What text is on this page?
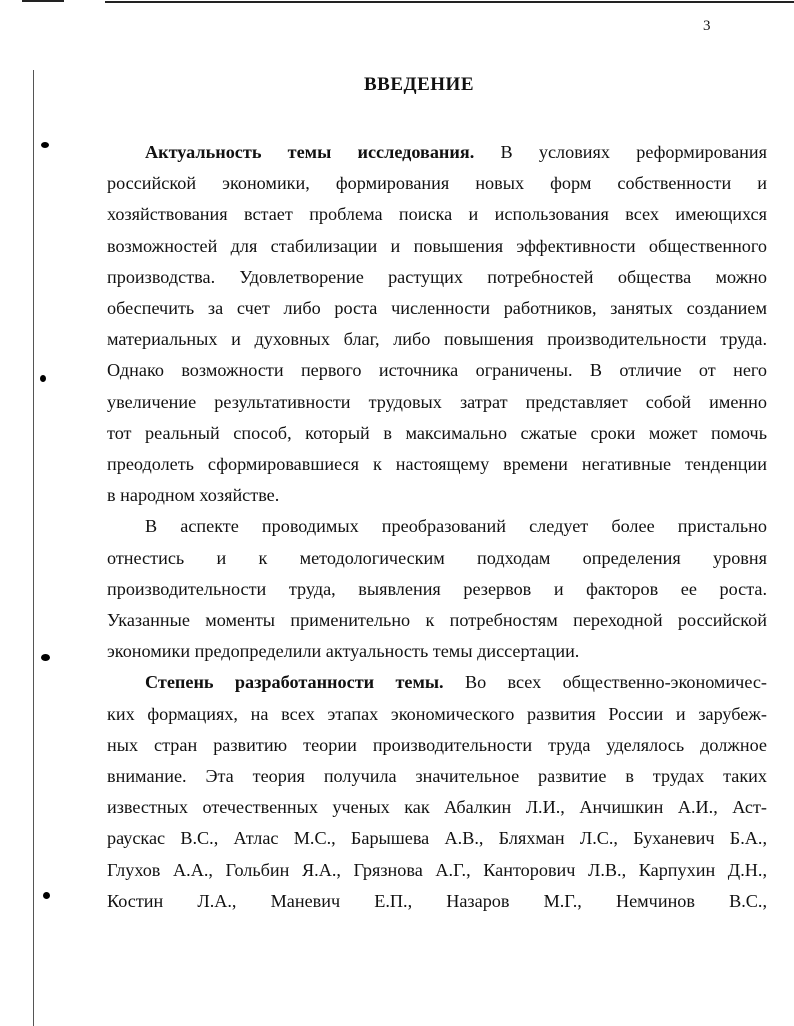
3
ВВЕДЕНИЕ
Актуальность темы исследования. В условиях реформирования
российской экономики, формирования новых форм собственности и
хозяйствования встает проблема поиска и использования всех имеющихся
возможностей для стабилизации и повышения эффективности общественного
производства. Удовлетворение растущих потребностей общества можно
обеспечить за счет либо роста численности работников, занятых созданием
материальных и духовных благ, либо повышения производительности труда.
Однако возможности первого источника ограничены. В отличие от него
увеличение результативности трудовых затрат представляет собой именно
тот реальный способ, который в максимально сжатые сроки может помочь
преодолеть сформировавшиеся к настоящему времени негативные тенденции
в народном хозяйстве.
В аспекте проводимых преобразований следует более пристально
отнестись и к методологическим подходам определения уровня
производительности труда, выявления резервов и факторов ее роста.
Указанные моменты применительно к потребностям переходной российской
экономики предопределили актуальность темы диссертации.
Степень разработанности темы. Во всех общественно-экономичес-
ких формациях, на всех этапах экономического развития России и зарубеж-
ных стран развитию теории производительности труда уделялось должное
внимание. Эта теория получила значительное развитие в трудах таких
известных отечественных ученых как Абалкин Л.И., Анчишкин А.И., Аст-
раускас В.С., Атлас М.С., Барышева А.В., Бляхман Л.С., Буханевич Б.А.,
Глухов А.А., Гольбин Я.А., Грязнова А.Г., Канторович Л.В., Карпухин Д.Н.,
Костин Л.А., Маневич Е.П., Назаров М.Г., Немчинов В.С.,
